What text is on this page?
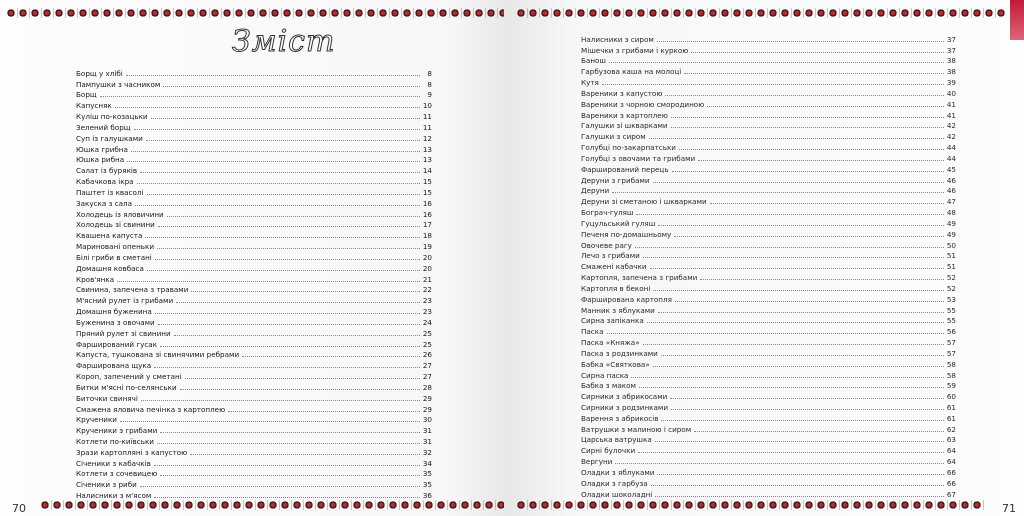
Зміст
Борщ у хлібі	8
Пампушки з часником	8
Борщ	9
Капусняк	10
Куліш по-козацьки	11
Зелений борщ	11
Суп із галушками	12
Юшка грибна	13
Юшка рибна	13
Салат із буряків	14
Кабачкова ікра	15
Паштет із квасолі	15
Закуска з сала	16
Холодець із яловичини	16
Холодець зі свинини	17
Квашена капуста	18
Мариновані опеньки	19
Білі гриби в сметані	20
Домашня ковбаса	20
Кров'янка	21
Свинина, запечена з травами	22
М'ясний рулет із грибами	23
Домашня буженина	23
Буженина з овочами	24
Пряний рулет зі свинини	25
Фарширований гусак	25
Капуста, тушкована зі свинячими ребрами	26
Фарширована щука	27
Короп, запечений у сметані	27
Битки м'ясні по-селянськи	28
Биточки свинячі	29
Смажена яловича печінка з картоплею	29
Крученики	30
Крученики з грибами	31
Котлети по-київськи	31
Зрази картопляні з капустою	32
Січеники з кабачків	34
Котлети з сочевицею	35
Січеники з риби	35
Налисники з м'ясом	36
70
Налисники з сиром	37
Мішечки з грибами і куркою	37
Банош	38
Гарбузова каша на молоці	38
Кутя	39
Вареники з капустою	40
Вареники з чорною смородиною	41
Вареники з картоплею	41
Галушки зі шкварками	42
Галушки з сиром	42
Голубці по-закарпатськи	44
Голубці з овочами та грибами	44
Фарширований перець	45
Деруни з грибами	46
Деруни	46
Деруни зі сметаною і шкварками	47
Бограч-гуляш	48
Гуцульський гуляш	49
Печеня по-домашньому	49
Овочеве рагу	50
Лечо з грибами	51
Смажені кабачки	51
Картопля, запечена з грибами	52
Картопля в беконі	52
Фарширована картопля	53
Манник з яблуками	55
Сирна запіканка	55
Паска	56
Паска «Княжа»	57
Паска з родзинками	57
Бабка «Святкова»	58
Сирна паска	58
Бабка з маком	59
Сирники з абрикосами	60
Сирники з родзинками	61
Варення з абрикосів	61
Ватрушки з малиною і сиром	62
Царська ватрушка	63
Сирні булочки	64
Вергуни	64
Оладки з яблуками	66
Оладки з гарбуза	66
Оладки шоколадні	67
71
